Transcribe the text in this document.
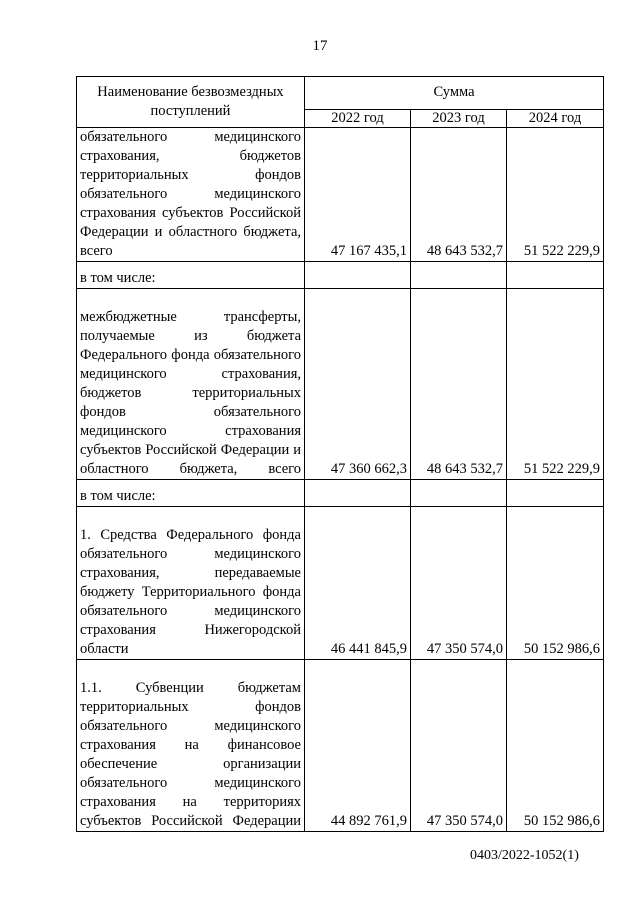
17
Наименование безвозмездных поступлений	Сумма		
	2022 год	2023 год	2024 год
обязательного медицинского страхования, бюджетов территориальных фондов обязательного медицинского страхования субъектов Российской Федерации и областного бюджета, всего	47 167 435,1	48 643 532,7	51 522 229,9
в том числе:			

межбюджетные трансферты, получаемые из бюджета Федерального фонда обязательного медицинского страхования, бюджетов территориальных фондов обязательного медицинского страхования субъектов Российской Федерации и областного бюджета, всего	47 360 662,3	48 643 532,7	51 522 229,9
в том числе:			

1. Средства Федерального фонда обязательного медицинского страхования, передаваемые бюджету Территориального фонда обязательного медицинского страхования Нижегородской области	46 441 845,9	47 350 574,0	50 152 986,6

1.1. Субвенции бюджетам территориальных фондов обязательного медицинского страхования на финансовое обеспечение организации обязательного медицинского страхования на территориях субъектов Российской Федерации	44 892 761,9	47 350 574,0	50 152 986,6
0403/2022-1052(1)
